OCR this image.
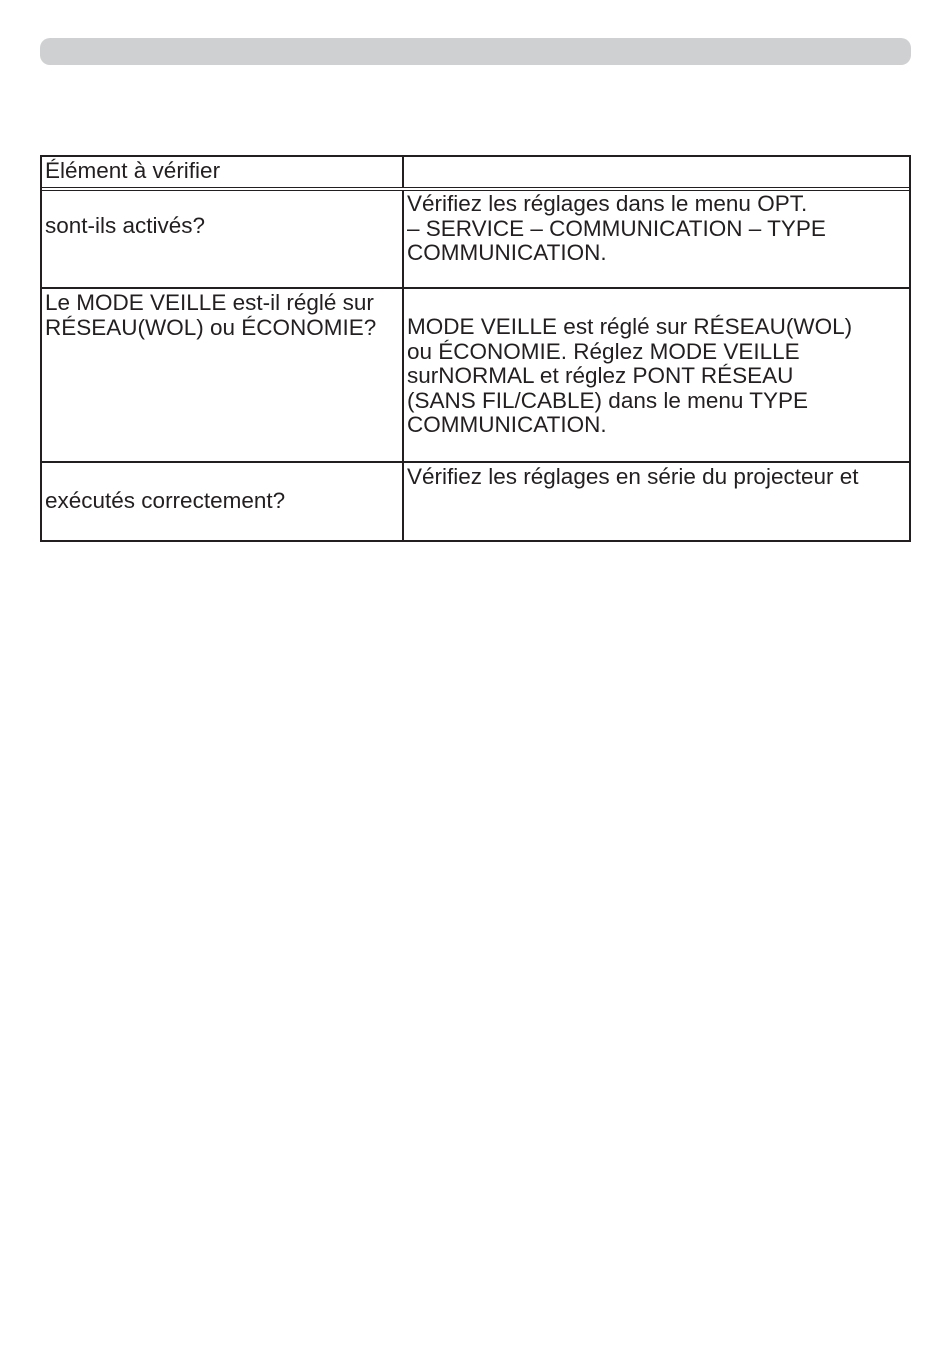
Élément à vérifier
sont-ils activés?
Vérifiez les réglages dans le menu OPT.
– SERVICE – COMMUNICATION – TYPE
COMMUNICATION.
Le MODE VEILLE est-il réglé sur
RÉSEAU(WOL) ou ÉCONOMIE?	MODE VEILLE est réglé sur RÉSEAU(WOL)
ou ÉCONOMIE. Réglez MODE VEILLE
surNORMAL et réglez PONT RÉSEAU
(SANS FIL/CABLE) dans le menu TYPE
COMMUNICATION.
exécutés correctement?
Vérifiez les réglages en série du projecteur et
